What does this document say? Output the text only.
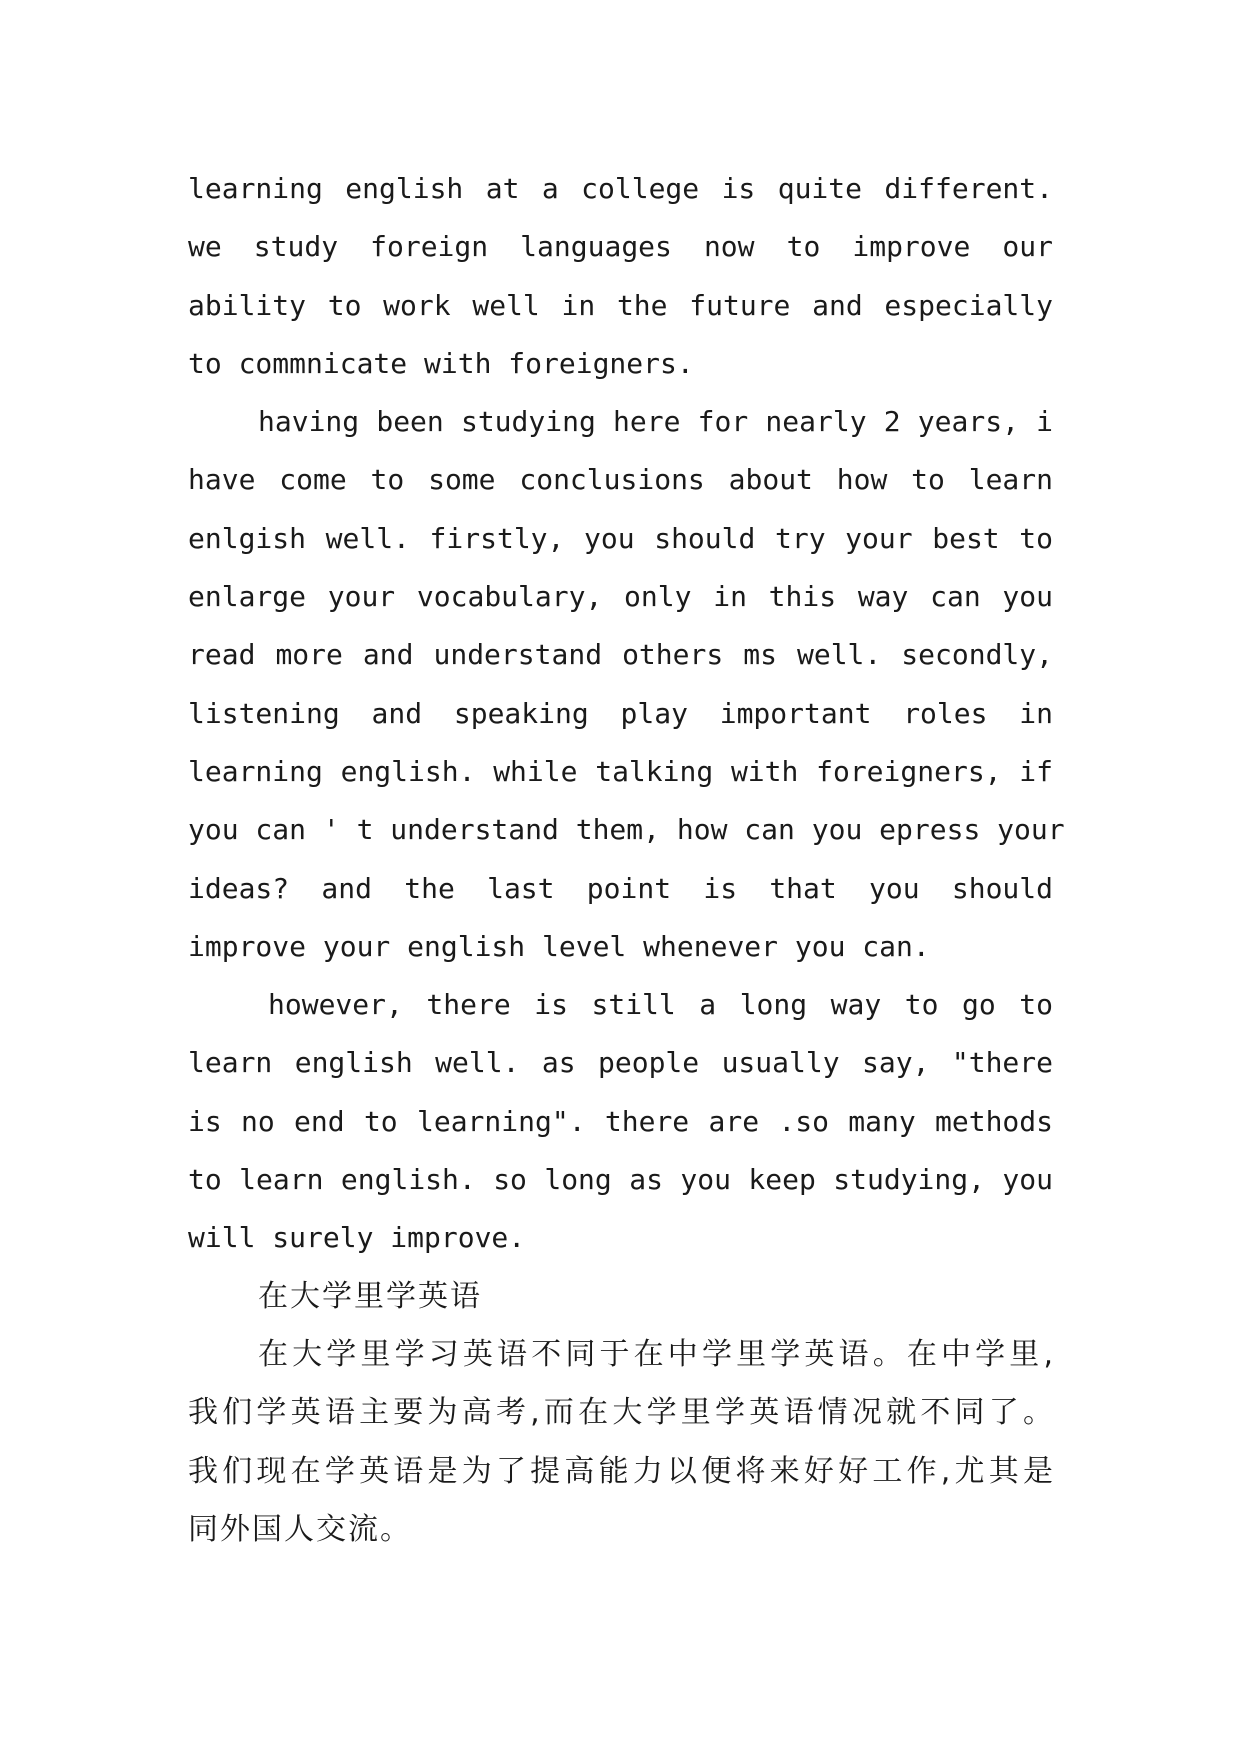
learning english at a college is quite different.
we study foreign languages now to improve our
ability to work well in the future and especially
to commnicate with foreigners.
having been studying here for nearly 2 years, i
have come to some conclusions about how to learn
enlgish well. firstly, you should try your best to
enlarge your vocabulary, only in this way can you
read more and understand others ms well. secondly,
listening and speaking play important roles in
learning english. while talking with foreigners, if
you can ' t understand them, how can you epress your
ideas? and the last point is that you should
improve your english level whenever you can.
however, there is still a long way to go to
learn english well. as people usually say, "there
is no end to learning". there are .so many methods
to learn english. so long as you keep studying, you
will surely improve.
在大学里学英语
在大学里学习英语不同于在中学里学英语。在中学里,
我们学英语主要为高考,而在大学里学英语情况就不同了。
我们现在学英语是为了提高能力以便将来好好工作,尤其是
同外国人交流。
